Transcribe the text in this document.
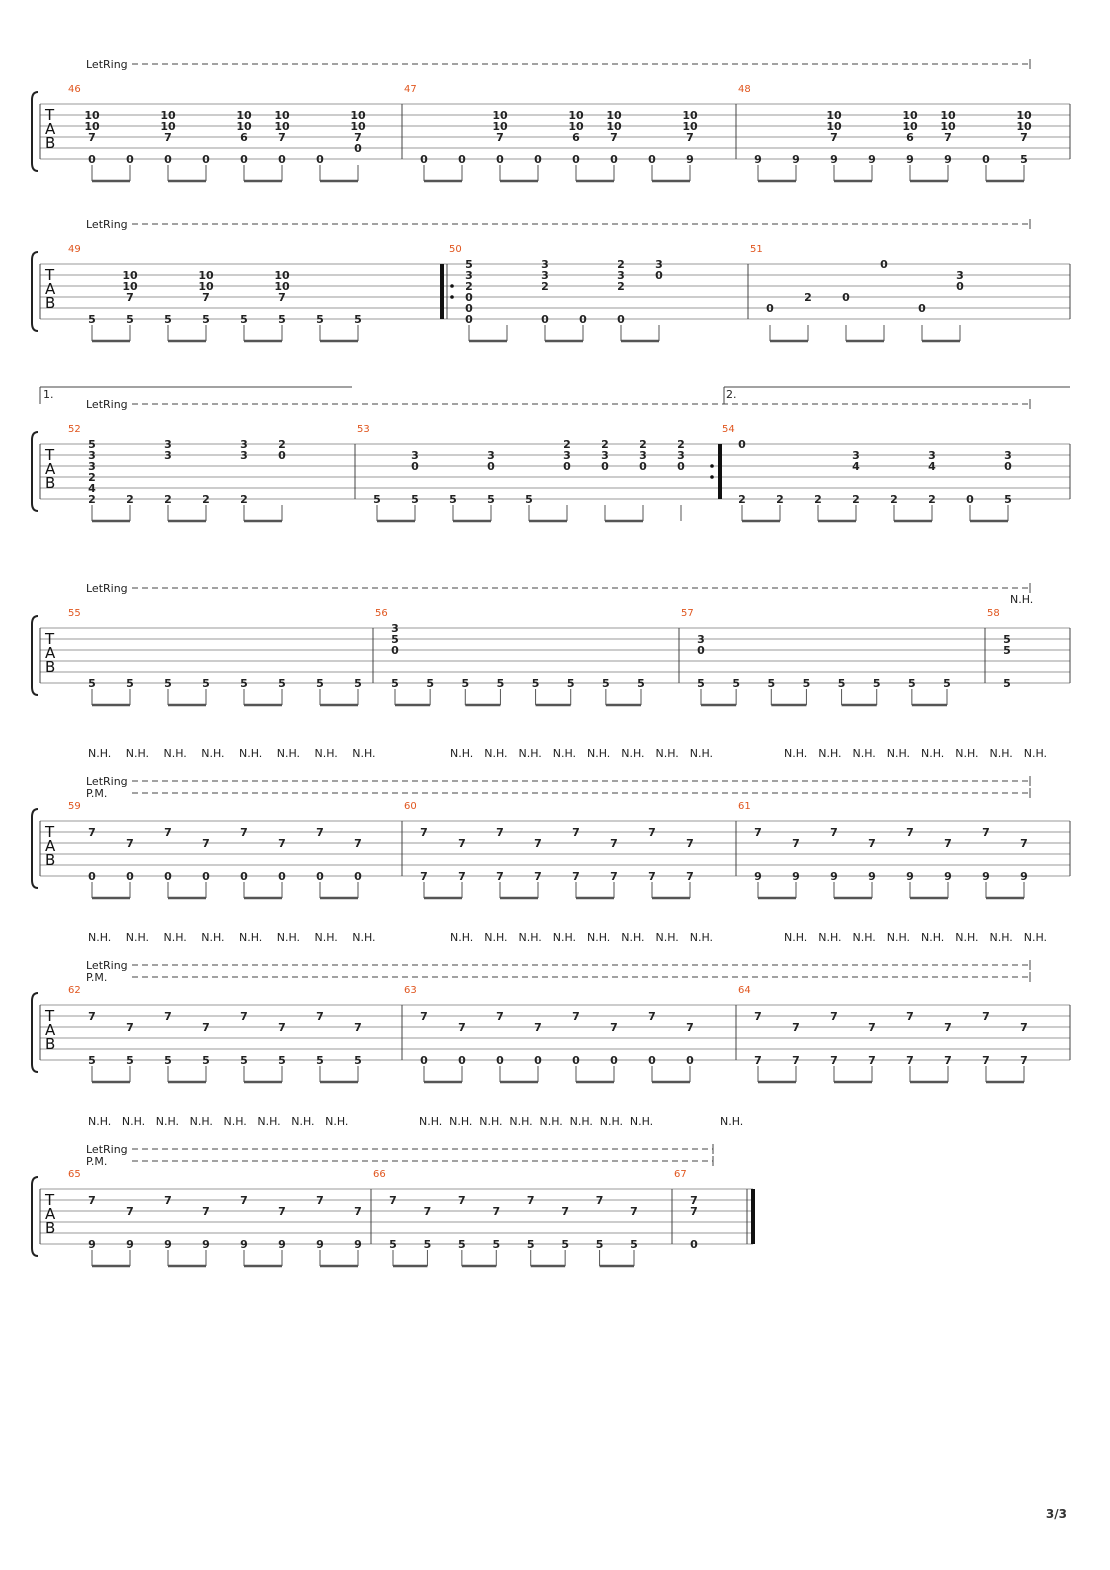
LetRing
T
A
B
46
10
10
7
0	0
10
10
7
0	0
10
10
6
0
10
10
7
0	0
10
10
7
0
47
0	0
10
10
7
0	0
10
10
6
0
10
10
7
0	0
10
10
7
9
48
9	9
10
10
7
9	9
10
10
6
9
10
10
7
9	0
10
10
7
5
LetRing
T
A
B
49
5
10
10
7
5	5
10
10
7
5	5
10
10
7
5	5	5
50
5
3
2
0
0
0
3
3
2
0	0
2
3
2
0
3
0
51
0
2	0
0
0
3
0
LetRing
1.	2.
T
A
B
52
5
3
3
2
4
2	2
3
3
2	2
3
3
2
2
0
53
5
3
0
5	5
3
0
5	5
2
3
0
2
3
0
2
3
0
2
3
0
54
0
2	2	2
3
4
2	2
3
4
2	0
3
0
5
LetRing
N.H.
T
A
B
55
5	5	5	5	5	5	5	5
56
3
5
0
5 5 5 5 5 5 5 5
57
3
0
5 5 5 5 5 5 5 5
58
5
5
5
LetRing
P.M.
N.H. N.H. N.H. N.H. N.H. N.H. N.H. N.H.	N.H. N.H. N.H. N.H. N.H. N.H. N.H. N.H.	N.H. N.H. N.H. N.H. N.H. N.H. N.H. N.H.
T
A
B
59
7
0
7
0
7
0
7
0
7
0
7
0
7
0
7
0
60
7
7
7
7
7
7
7
7
7
7
7
7
7
7
7
7
61
7
9
7
9
7
9
7
9
7
9
7
9
7
9
7
9
LetRing
P.M.
N.H. N.H. N.H. N.H. N.H. N.H. N.H. N.H.	N.H. N.H. N.H. N.H. N.H. N.H. N.H. N.H.	N.H. N.H. N.H. N.H. N.H. N.H. N.H. N.H.
T
A
B
62
7
5
7
5
7
5
7
5
7
5
7
5
7
5
7
5
63
7
0
7
0
7
0
7
0
7
0
7
0
7
0
7
0
64
7
7
7
7
7
7
7
7
7
7
7
7
7
7
7
7
LetRing
P.M.
N.H. N.H. N.H. N.H. N.H. N.H. N.H. N.H.	N.H. N.H. N.H. N.H. N.H. N.H. N.H. N.H.	N.H.
T
A
B
65
7
9
7
9
7
9
7
9
7
9
7
9
7
9
7
9
66
7
5
7
5
7
5
7
5
7
5
7
5
7
5
7
5
67
7
7
0
3/3
